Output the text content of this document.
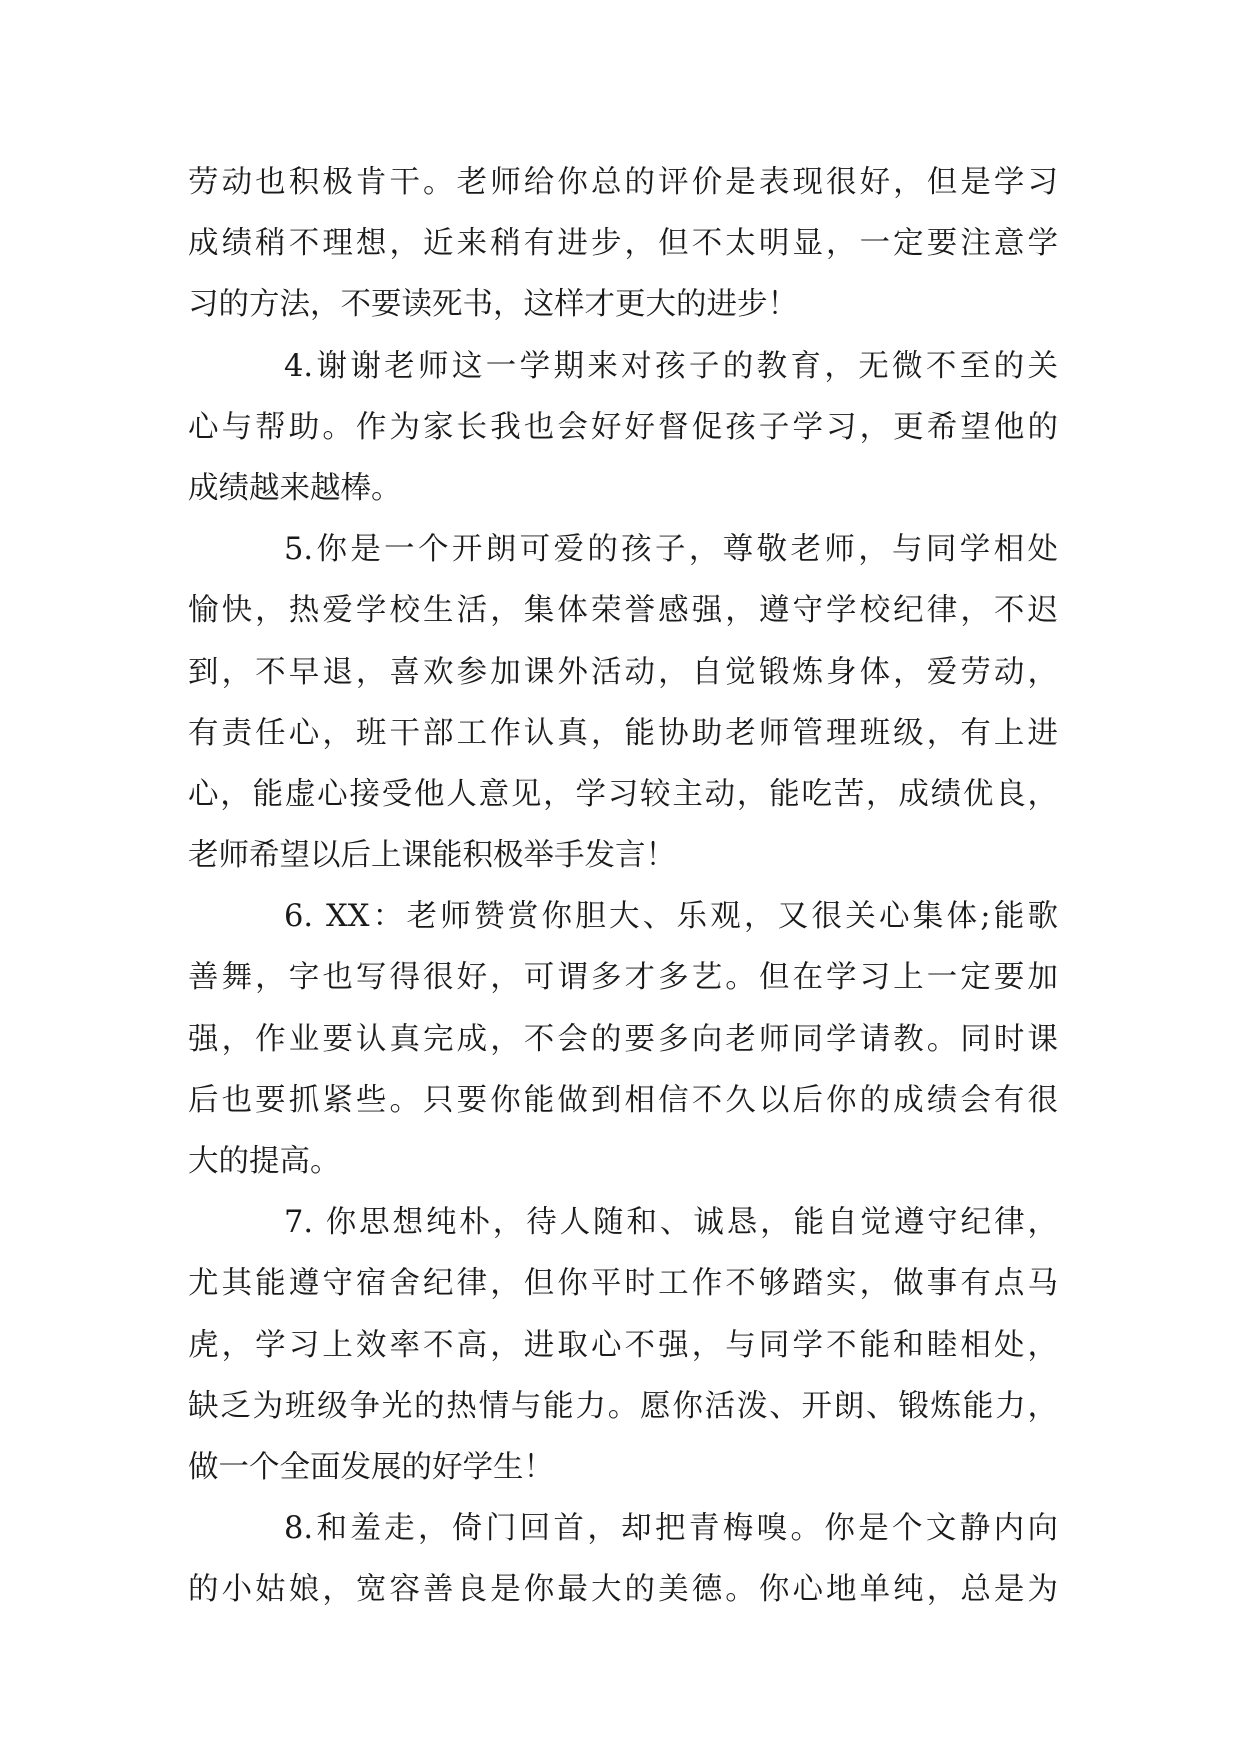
劳动也积极肯干。老师给你总的评价是表现很好，但是学习
成绩稍不理想，近来稍有进步，但不太明显，一定要注意学
习的方法，不要读死书，这样才更大的进步！
4.谢谢老师这一学期来对孩子的教育，无微不至的关
心与帮助。作为家长我也会好好督促孩子学习，更希望他的
成绩越来越棒。
5.你是一个开朗可爱的孩子，尊敬老师，与同学相处
愉快，热爱学校生活，集体荣誉感强，遵守学校纪律，不迟
到，不早退，喜欢参加课外活动，自觉锻炼身体，爱劳动，
有责任心，班干部工作认真，能协助老师管理班级，有上进
心，能虚心接受他人意见，学习较主动，能吃苦，成绩优良，
老师希望以后上课能积极举手发言！
6. XX：老师赞赏你胆大、乐观，又很关心集体;能歌
善舞，字也写得很好，可谓多才多艺。但在学习上一定要加
强，作业要认真完成，不会的要多向老师同学请教。同时课
后也要抓紧些。只要你能做到相信不久以后你的成绩会有很
大的提高。
7. 你思想纯朴，待人随和、诚恳，能自觉遵守纪律，
尤其能遵守宿舍纪律，但你平时工作不够踏实，做事有点马
虎，学习上效率不高，进取心不强，与同学不能和睦相处，
缺乏为班级争光的热情与能力。愿你活泼、开朗、锻炼能力，
做一个全面发展的好学生！
8.和羞走，倚门回首，却把青梅嗅。你是个文静内向
的小姑娘，宽容善良是你最大的美德。你心地单纯，总是为
